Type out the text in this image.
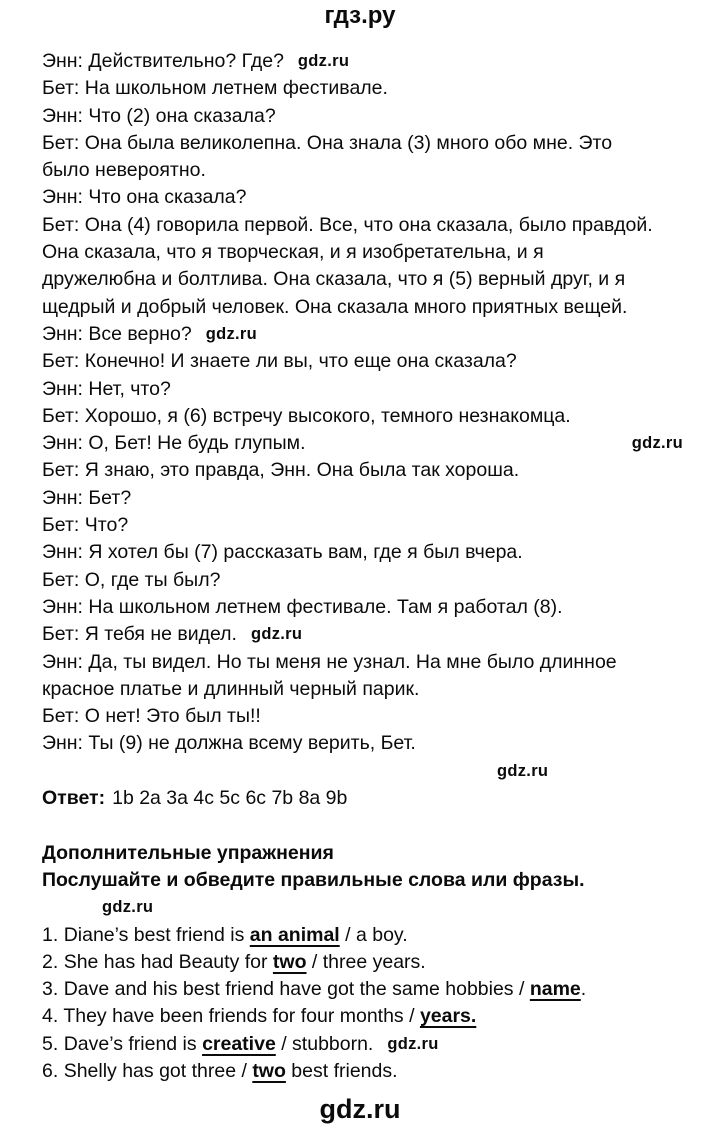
гдз.ру
Энн: Действительно? Где? gdz.ru
Бет: На школьном летнем фестивале.
Энн: Что (2) она сказала?
Бет: Она была великолепна. Она знала (3) много обо мне. Это
было невероятно.
Энн: Что она сказала?
Бет: Она (4) говорила первой. Все, что она сказала, было правдой.
Она сказала, что я творческая, и я изобретательна, и я
дружелюбна и болтлива. Она сказала, что я (5) верный друг, и я
щедрый и добрый человек. Она сказала много приятных вещей.
Энн: Все верно? gdz.ru
Бет: Конечно! И знаете ли вы, что еще она сказала?
Энн: Нет, что?
Бет: Хорошо, я (6) встречу высокого, темного незнакомца.
Энн: О, Бет! Не будь глупым.	gdz.ru
Бет: Я знаю, это правда, Энн. Она была так хороша.
Энн: Бет?
Бет: Что?
Энн: Я хотел бы (7) рассказать вам, где я был вчера.
Бет: О, где ты был?
Энн: На школьном летнем фестивале. Там я работал (8).
Бет: Я тебя не видел. gdz.ru
Энн: Да, ты видел. Но ты меня не узнал. На мне было длинное
красное платье и длинный черный парик.
Бет: О нет! Это был ты!!
Энн: Ты (9) не должна всему верить, Бет.
gdz.ru
Ответ: 1b 2a 3a 4c 5c 6c 7b 8a 9b
Дополнительные упражнения
Послушайте и обведите правильные слова или фразы.
gdz.ru
1. Diane’s best friend is an animal / a boy.
2. She has had Beauty for two / three years.
3. Dave and his best friend have got the same hobbies / name.
4. They have been friends for four months / years.
5. Dave’s friend is creative / stubborn. gdz.ru
6. Shelly has got three / two best friends.
gdz.ru
